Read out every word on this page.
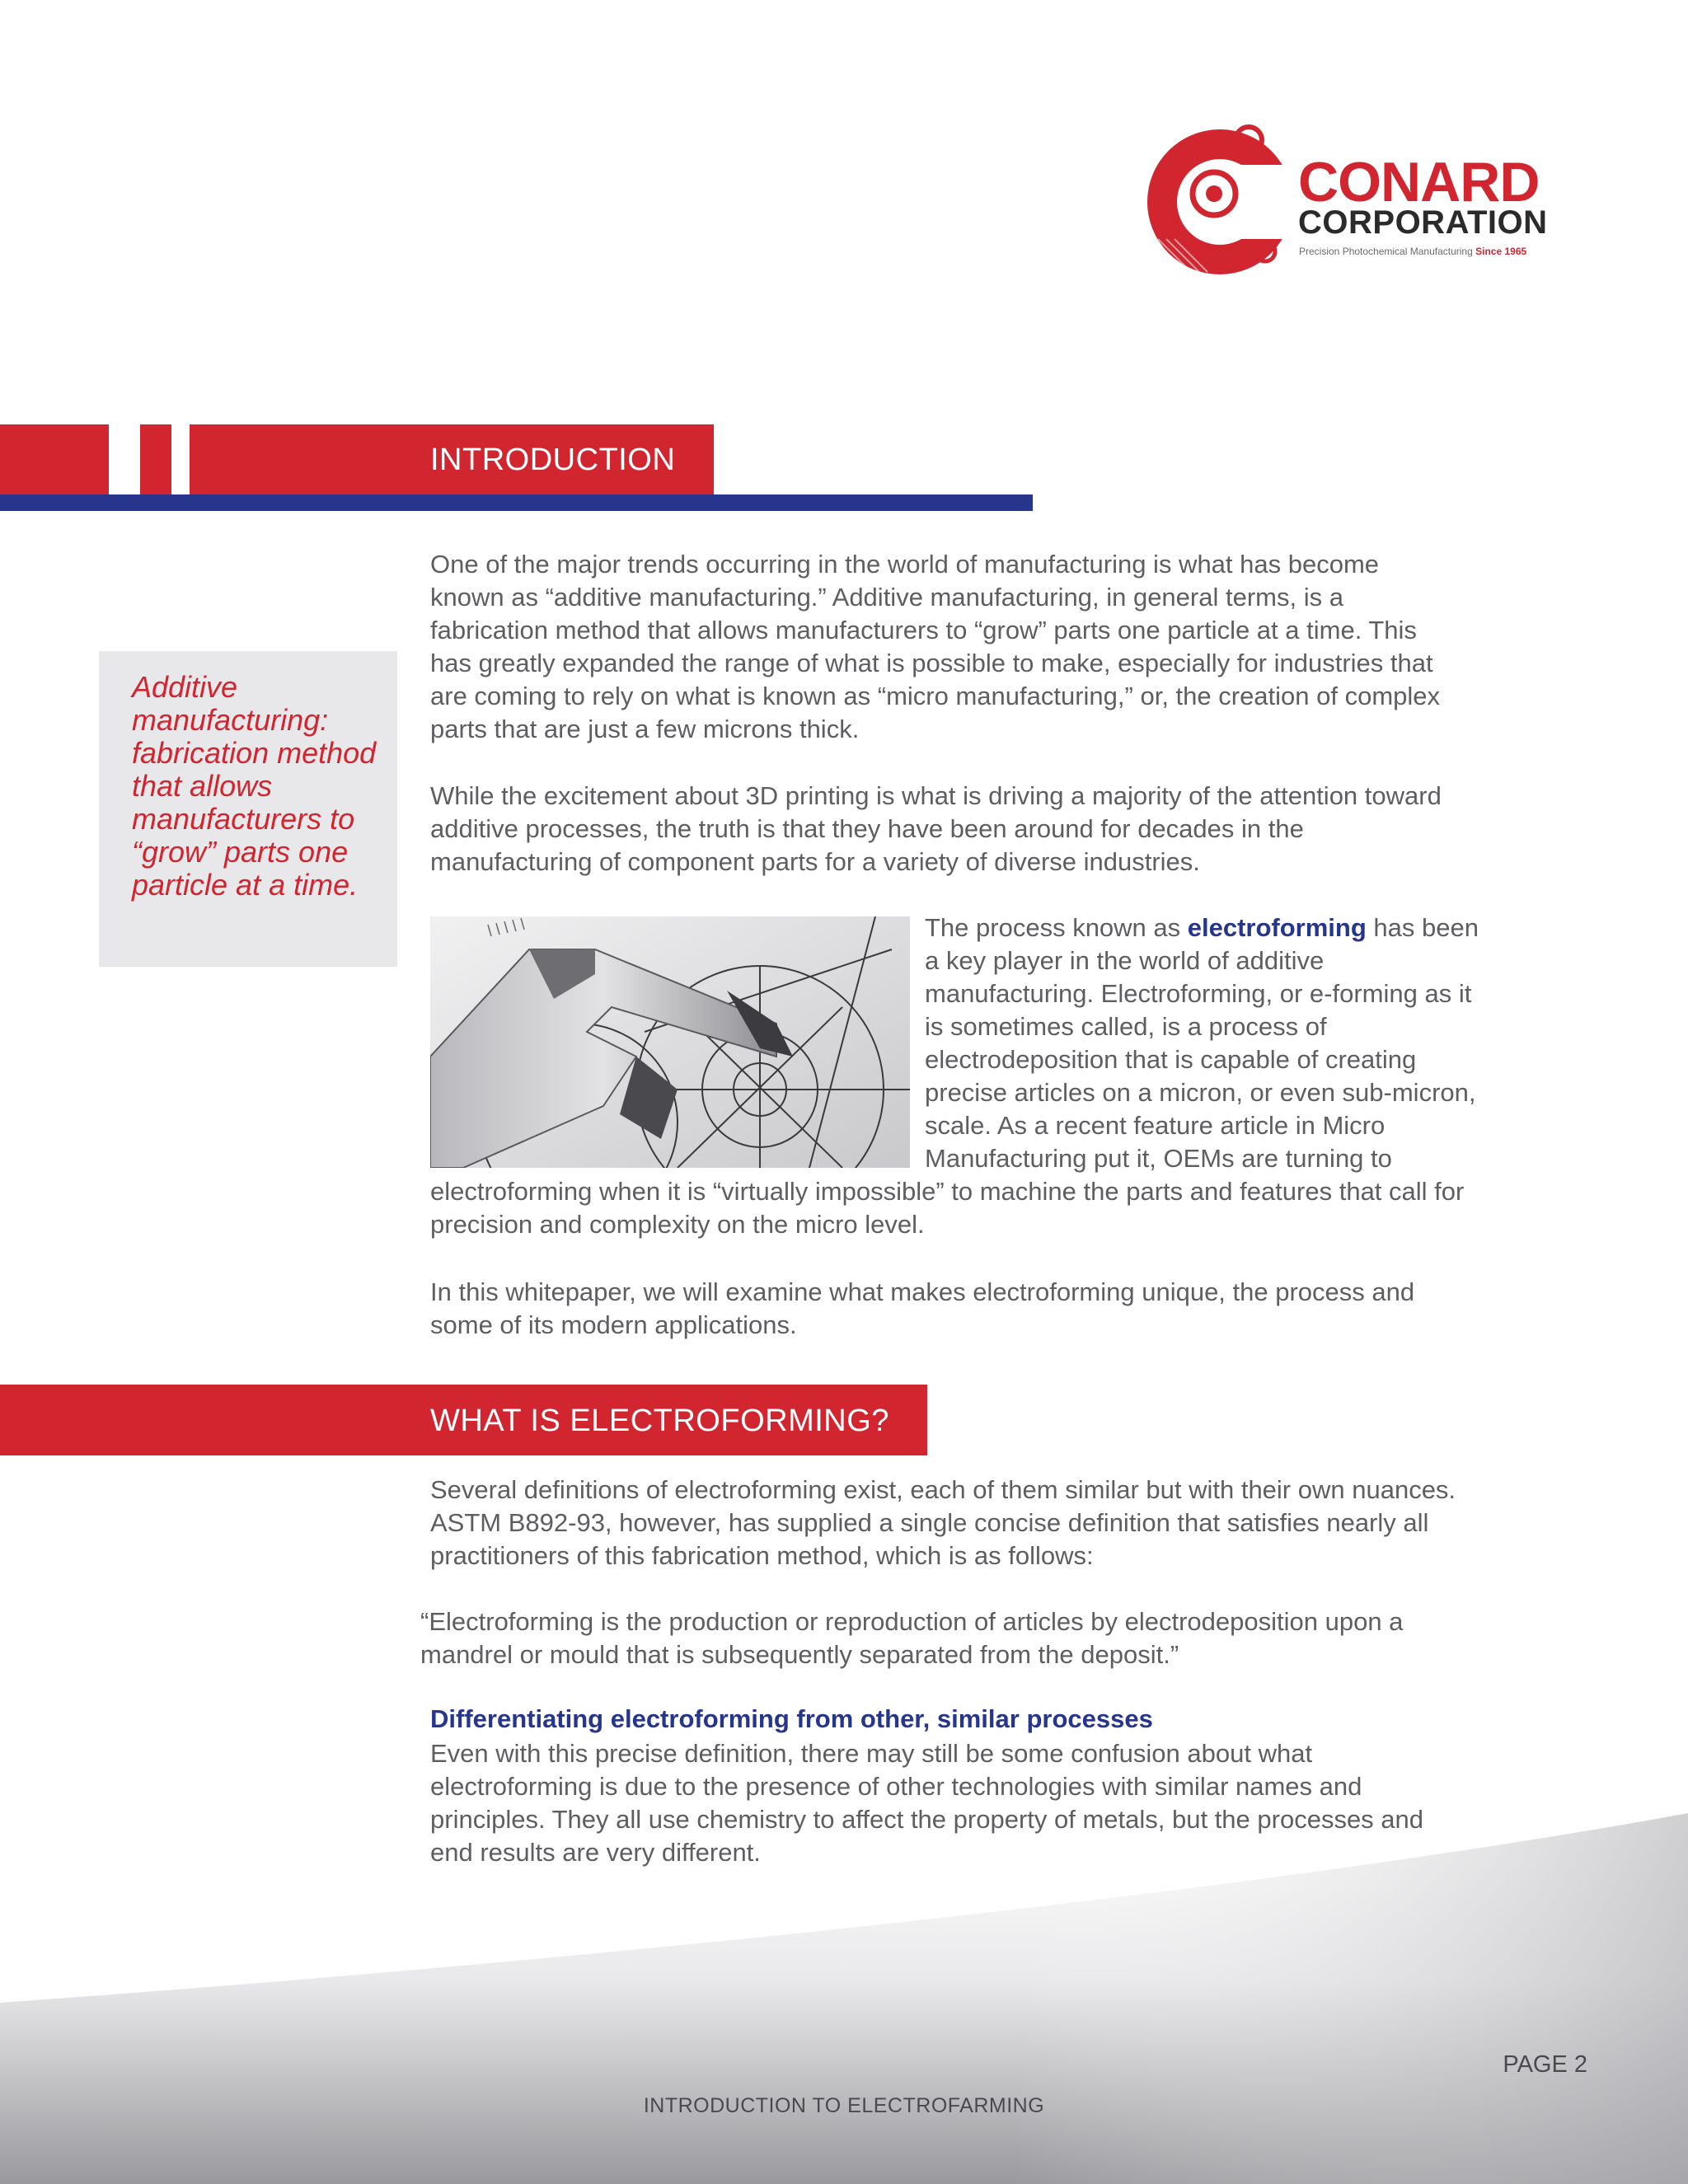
CONARD
CORPORATION
Precision Photochemical Manufacturing Since 1965
INTRODUCTION
Additive manufacturing: fabrication method that allows manufacturers to “grow” parts one particle at a time.

One of the major trends occurring in the world of manufacturing is what has become known as “additive manufacturing.” Additive manufacturing, in general terms, is a fabrication method that allows manufacturers to “grow” parts one particle at a time. This has greatly expanded the range of what is possible to make, especially for industries that are coming to rely on what is known as “micro manufacturing,” or, the creation of complex parts that are just a few microns thick.

While the excitement about 3D printing is what is driving a majority of the attention toward additive processes, the truth is that they have been around for decades in the manufacturing of component parts for a variety of diverse industries.

The process known as electroforming has been a key player in the world of additive manufacturing. Electroforming, or e-forming as it is sometimes called, is a process of electrodeposition that is capable of creating precise articles on a micron, or even sub-micron, scale. As a recent feature article in Micro Manufacturing put it, OEMs are turning to electroforming when it is “virtually impossible” to machine the parts and features that call for precision and complexity on the micro level.

In this whitepaper, we will examine what makes electroforming unique, the process and some of its modern applications.

WHAT IS ELECTROFORMING?

Several definitions of electroforming exist, each of them similar but with their own nuances. ASTM B892-93, however, has supplied a single concise definition that satisfies nearly all practitioners of this fabrication method, which is as follows:

“Electroforming is the production or reproduction of articles by electrodeposition upon a mandrel or mould that is subsequently separated from the deposit.”

Differentiating electroforming from other, similar processes

Even with this precise definition, there may still be some confusion about what electroforming is due to the presence of other technologies with similar names and principles. They all use chemistry to affect the property of metals, but the processes and end results are very different.

INTRODUCTION TO ELECTROFARMING
PAGE 2
